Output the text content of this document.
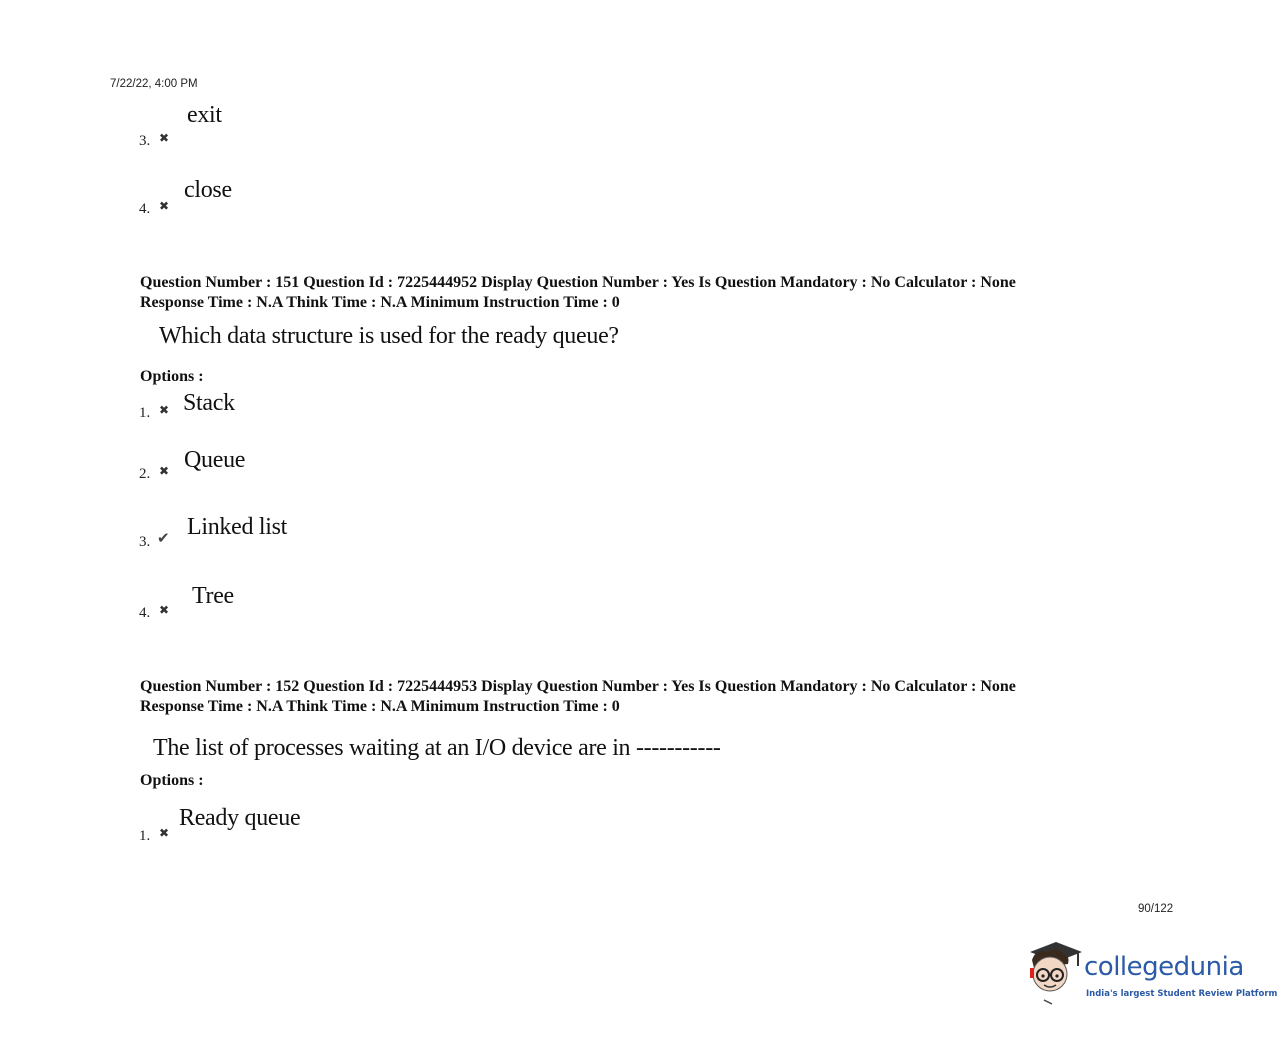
7/22/22, 4:00 PM
3. ✖
exit
4. ✖
close
Question Number : 151 Question Id : 7225444952 Display Question Number : Yes Is Question Mandatory : No Calculator : None
Response Time : N.A Think Time : N.A Minimum Instruction Time : 0
Which data structure is used for the ready queue?
Options :
1. ✖ Stack
2. ✖ Queue
3. ✔ Linked list
4. ✖
Tree
Question Number : 152 Question Id : 7225444953 Display Question Number : Yes Is Question Mandatory : No Calculator : None
Response Time : N.A Think Time : N.A Minimum Instruction Time : 0
The list of processes waiting at an I/O device are in -----------
Options :
1. ✖
Ready queue
90/122
collegedunia
India's largest Student Review Platform
